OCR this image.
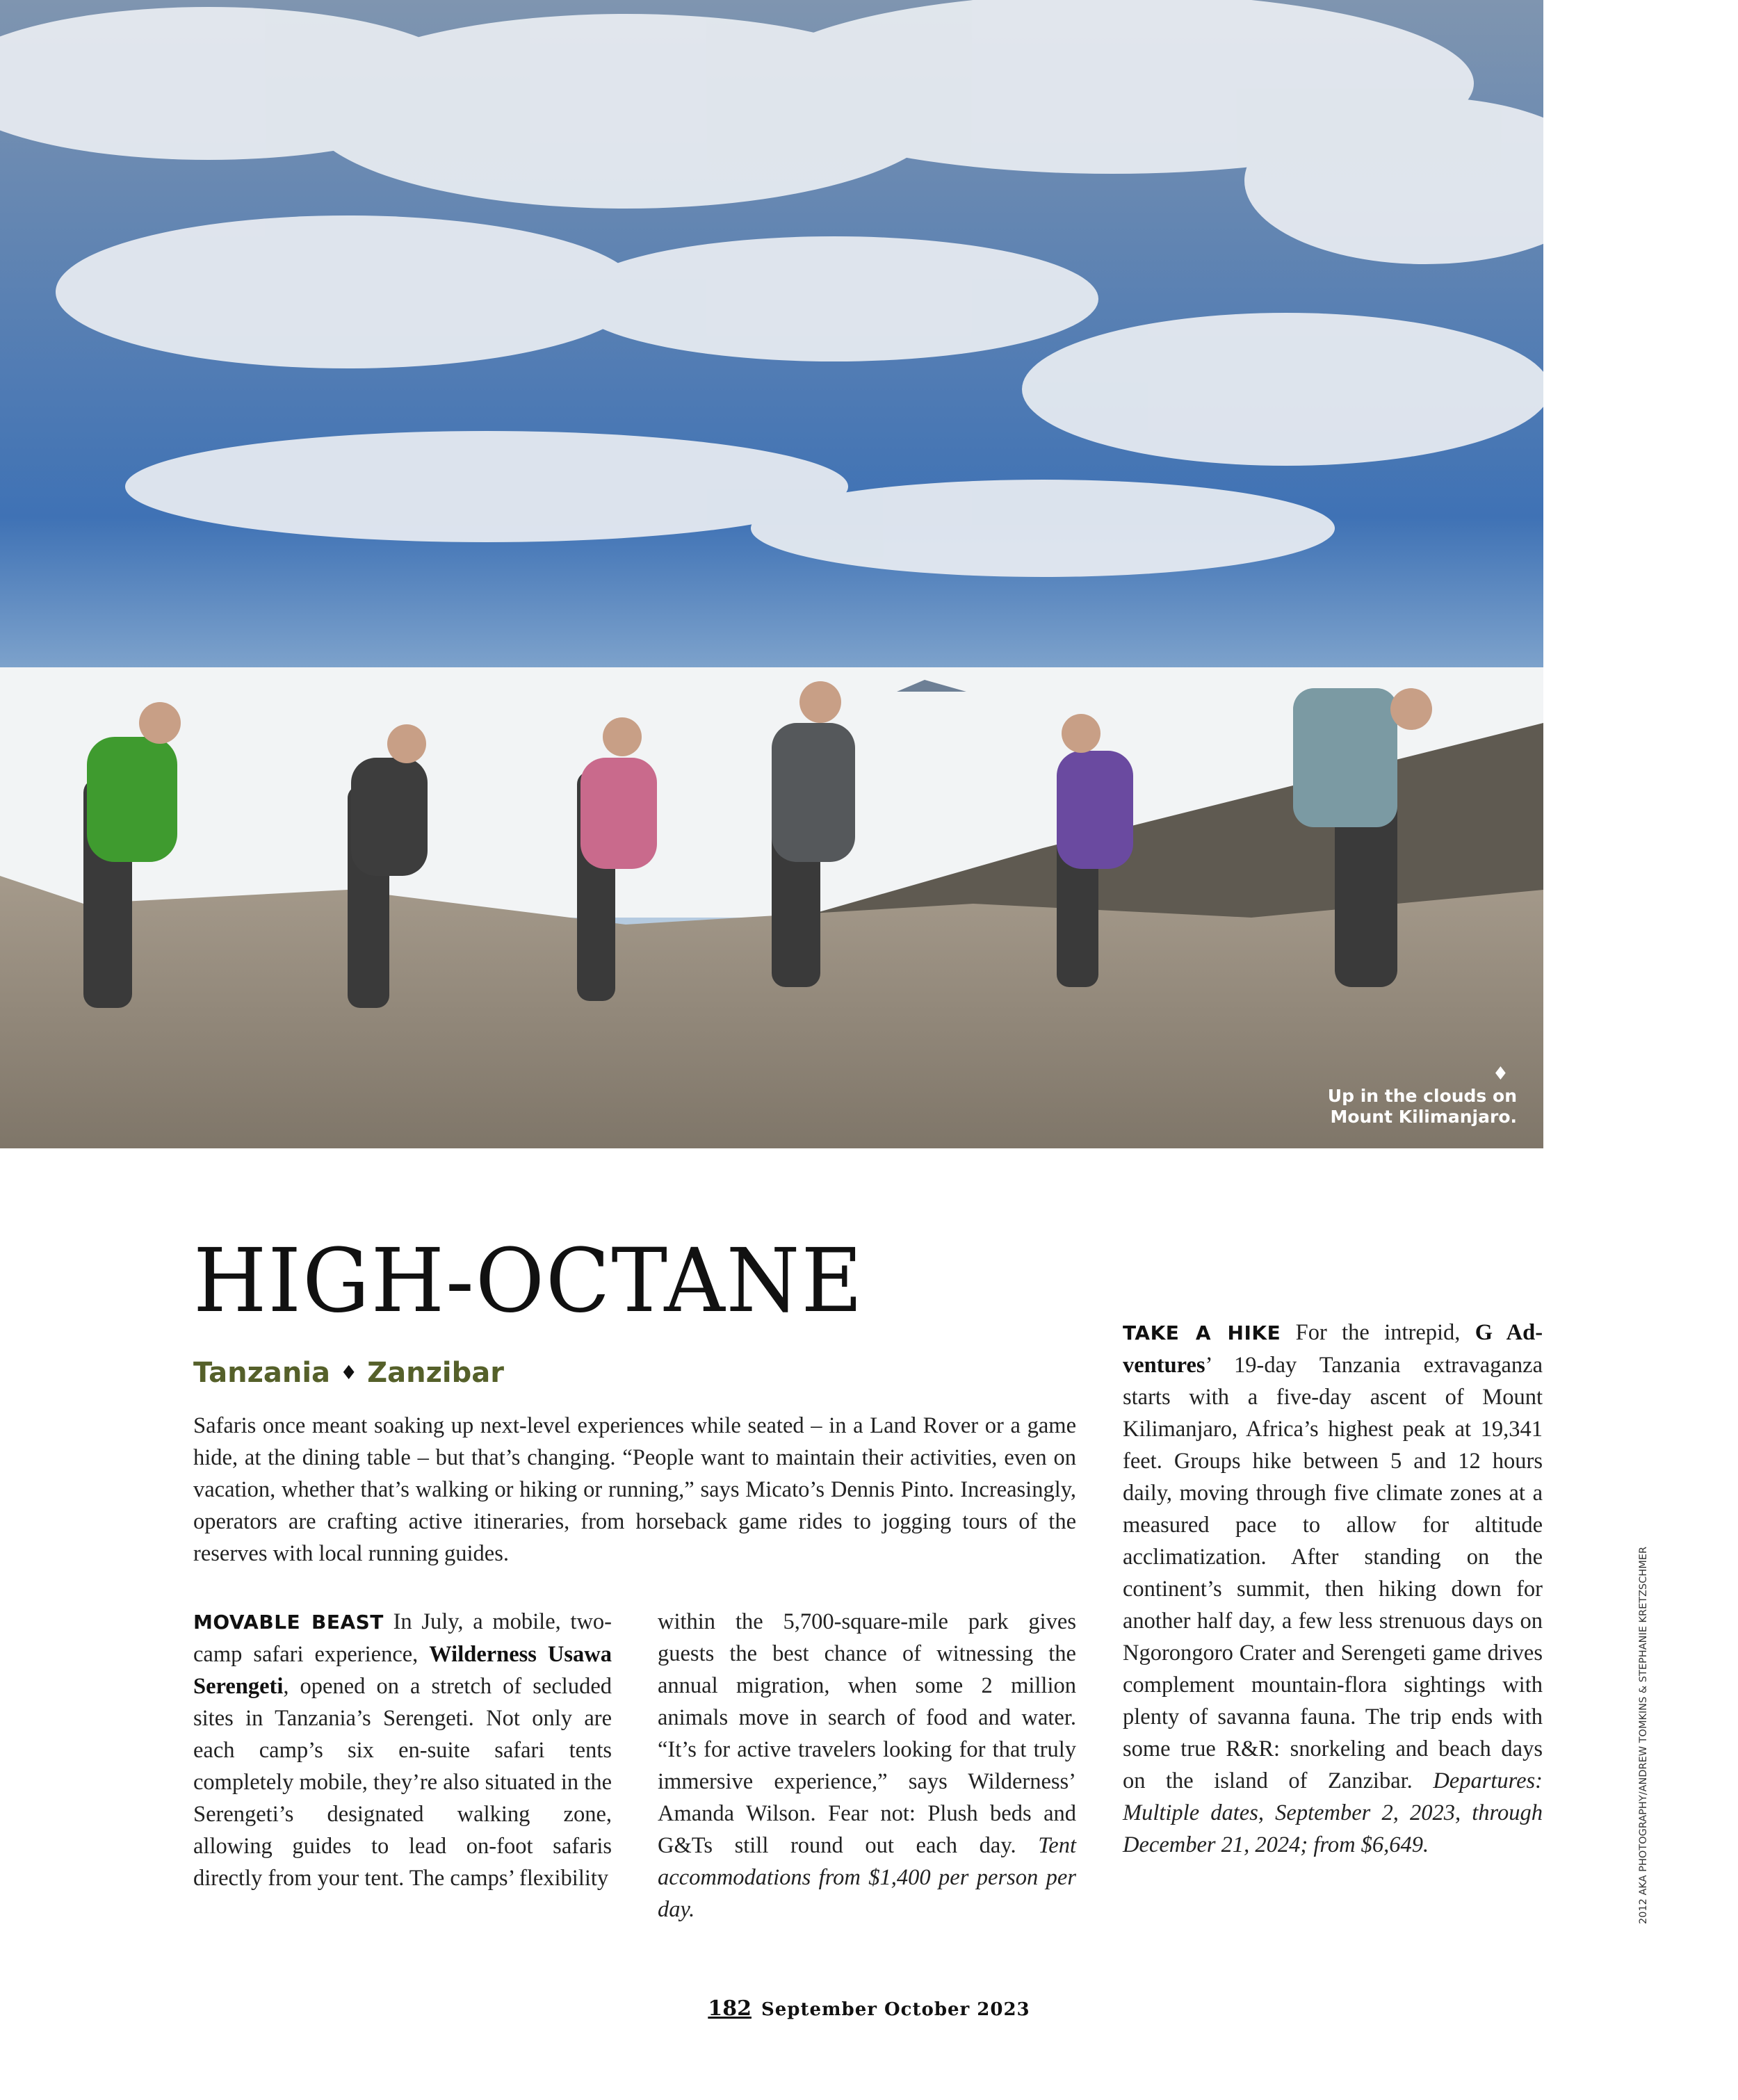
♦
Up in the clouds on
Mount Kilimanjaro.
HIGH-OCTANE
Tanzania ♦ Zanzibar

Safaris once meant soaking up next-level experiences while seated – in a Land Rover or a game hide, at the dining table – but that’s changing. “People want to maintain their activities, even on vacation, whether that’s walking or hiking or running,” says Micato’s Dennis Pinto. Increasingly, operators are crafting active itineraries, from horseback game rides to jogging tours of the reserves with local running guides.

MOVABLE BEAST In July, a mobile, two-camp safari experience, Wilderness Usawa Serengeti, opened on a stretch of secluded sites in Tanzania’s Serengeti. Not only are each camp’s six en-suite safari tents completely mobile, they’re also situated in the Serengeti’s designated walking zone, allowing guides to lead on-foot safaris directly from your tent. The camps’ flexibility
within the 5,700-square-mile park gives guests the best chance of witnessing the annual migration, when some 2 million animals move in search of food and water. “It’s for active travelers looking for that truly immersive experience,” says Wilderness’ Amanda Wilson. Fear not: Plush beds and G&Ts still round out each day. Tent accommodations from $1,400 per person per day.
TAKE A HIKE For the intrepid, G Adventures’ 19-day Tanzania extravaganza starts with a five-day ascent of Mount Kilimanjaro, Africa’s highest peak at 19,341 feet. Groups hike between 5 and 12 hours daily, moving through five climate zones at a measured pace to allow for altitude acclimatization. After standing on the continent’s summit, then hiking down for another half day, a few less strenuous days on Ngorongoro Crater and Serengeti game drives complement mountain-flora sightings with plenty of savanna fauna. The trip ends with some true R&R: snorkeling and beach days on the island of Zanzibar. Departures: Multiple dates, September 2, 2023, through December 21, 2024; from $6,649.	2012 AKA PHOTOGRAPHY/ANDREW TOMKINS & STEPHANIE KRETZSCHMER
182 September October 2023
